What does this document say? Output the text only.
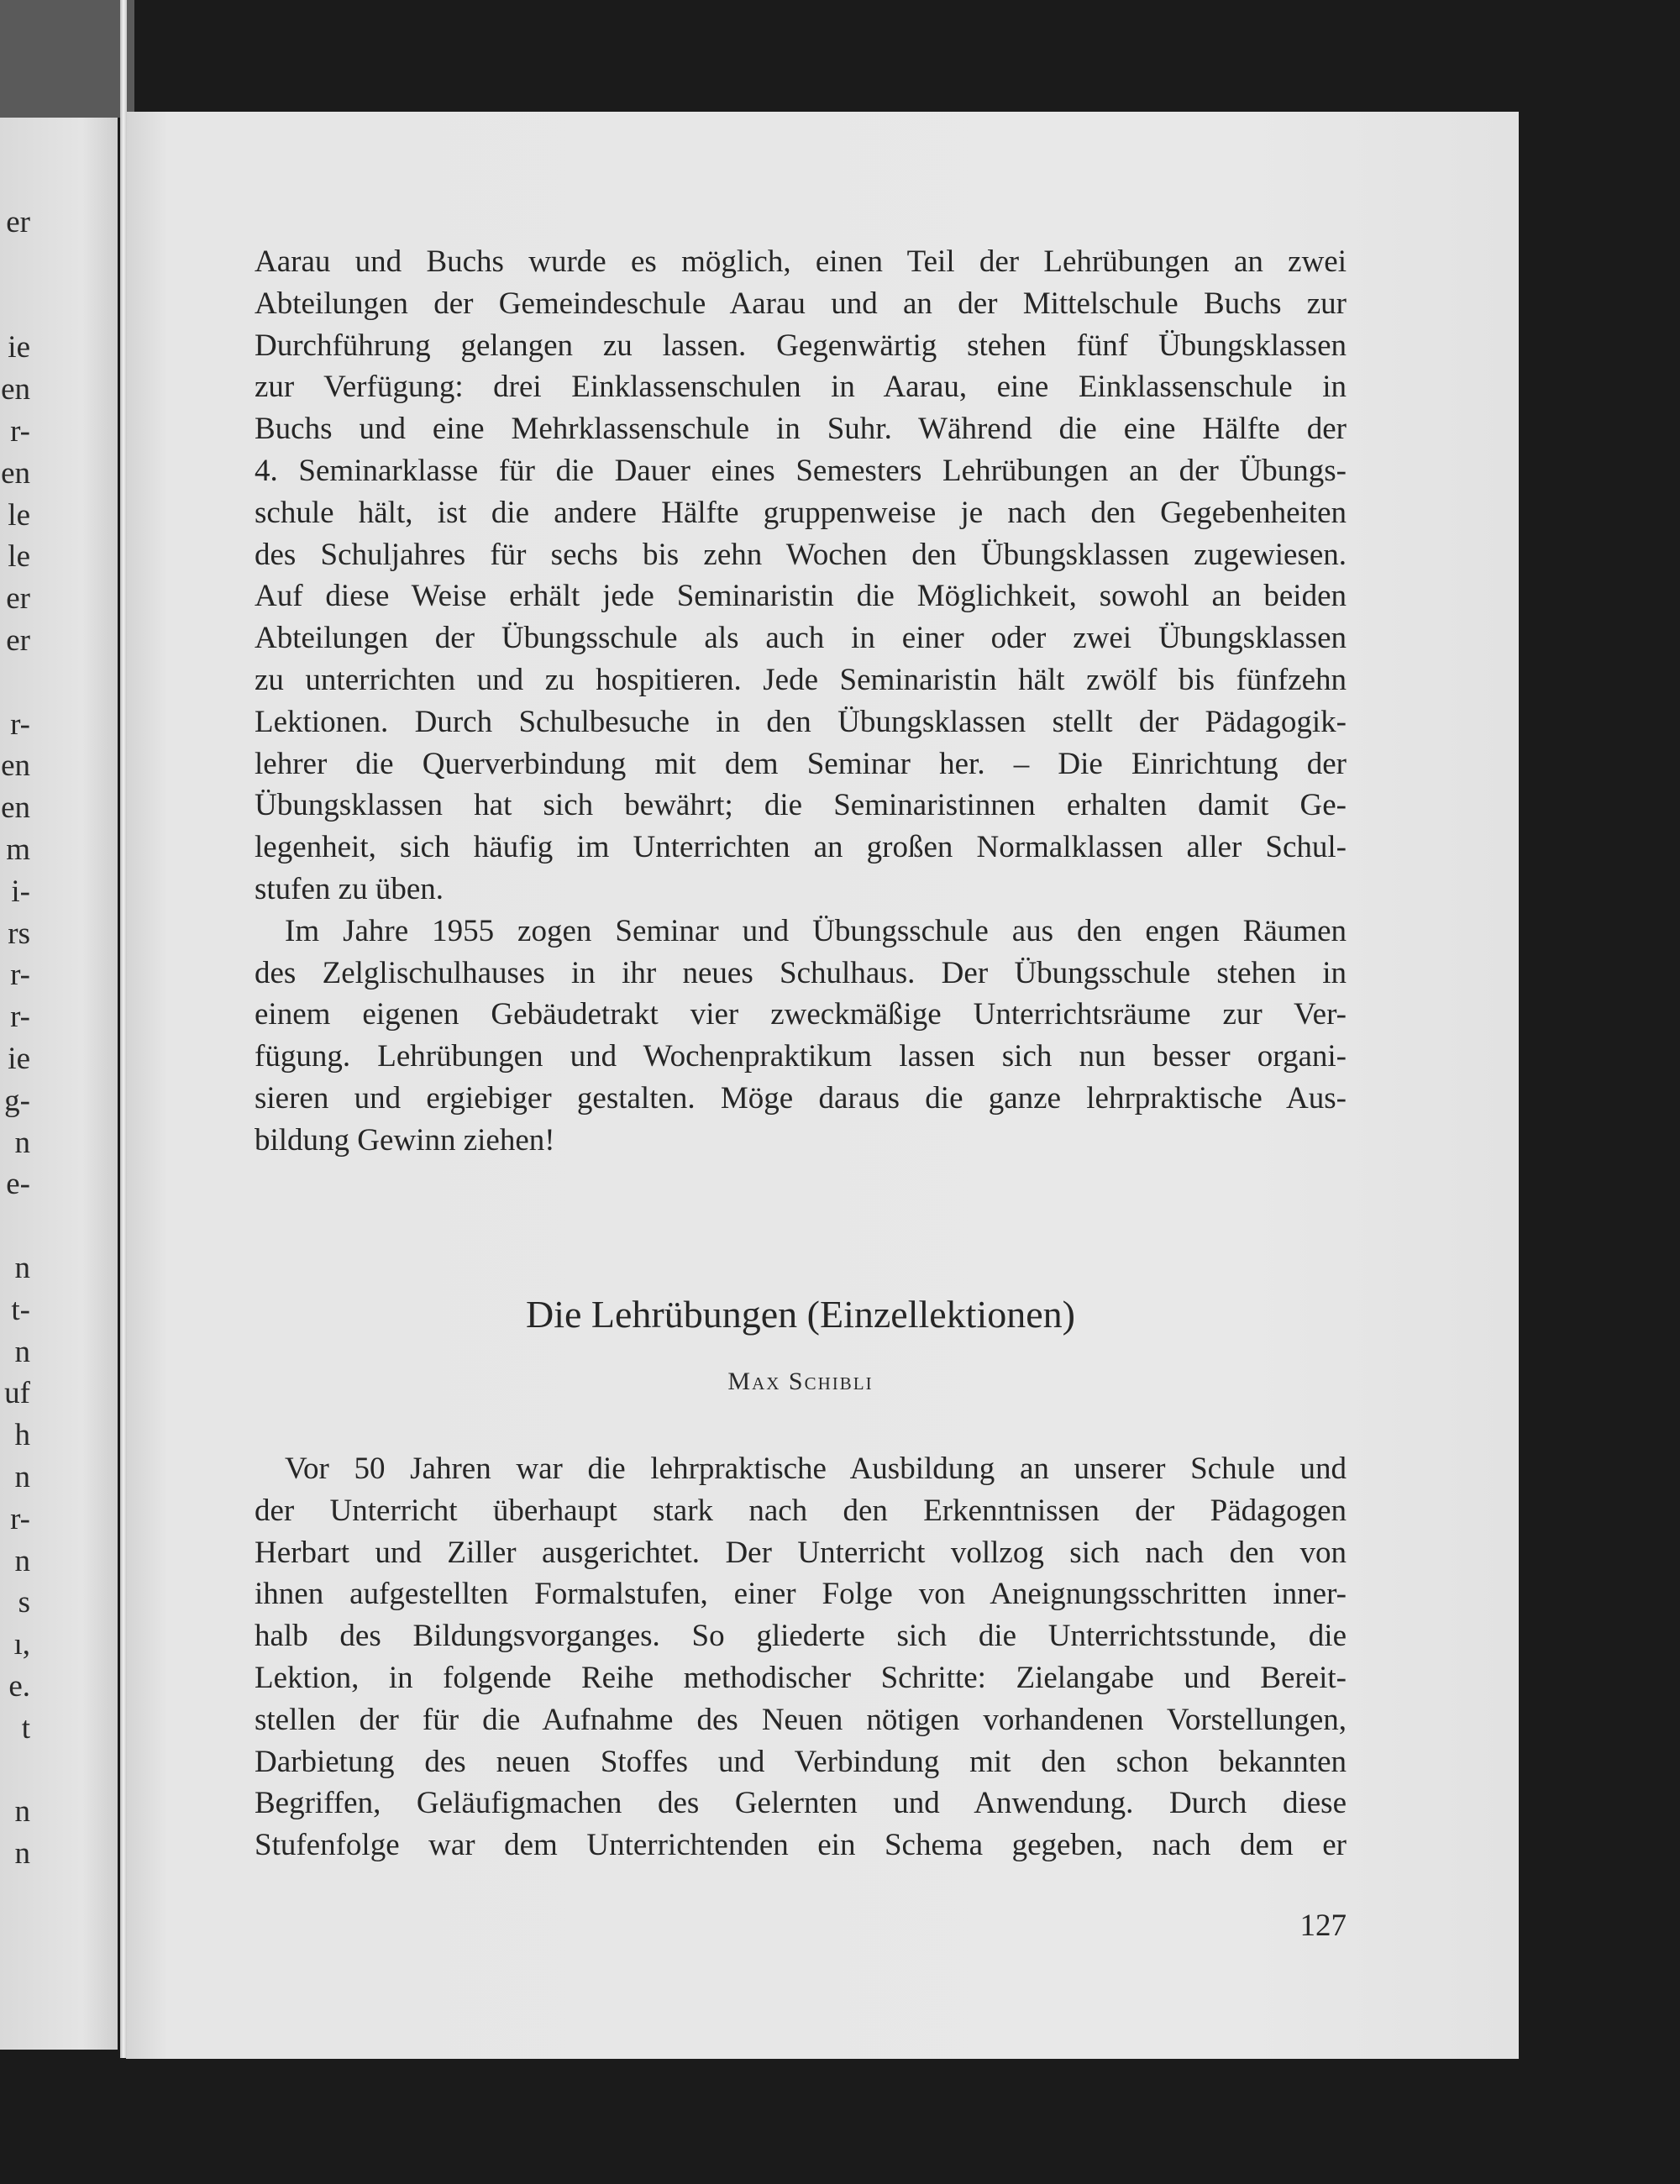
Aarau und Buchs wurde es möglich, einen Teil der Lehrübungen an zwei
Abteilungen der Gemeindeschule Aarau und an der Mittelschule Buchs zur
Durchführung gelangen zu lassen. Gegenwärtig stehen fünf Übungsklassen
zur Verfügung: drei Einklassenschulen in Aarau, eine Einklassenschule in
Buchs und eine Mehrklassenschule in Suhr. Während die eine Hälfte der
4. Seminarklasse für die Dauer eines Semesters Lehrübungen an der Übungs-
schule hält, ist die andere Hälfte gruppenweise je nach den Gegebenheiten
des Schuljahres für sechs bis zehn Wochen den Übungsklassen zugewiesen.
Auf diese Weise erhält jede Seminaristin die Möglichkeit, sowohl an beiden
Abteilungen der Übungsschule als auch in einer oder zwei Übungsklassen
zu unterrichten und zu hospitieren. Jede Seminaristin hält zwölf bis fünfzehn
Lektionen. Durch Schulbesuche in den Übungsklassen stellt der Pädagogik-
lehrer die Querverbindung mit dem Seminar her. – Die Einrichtung der
Übungsklassen hat sich bewährt; die Seminaristinnen erhalten damit Ge-
legenheit, sich häufig im Unterrichten an großen Normalklassen aller Schul-
stufen zu üben.
Im Jahre 1955 zogen Seminar und Übungsschule aus den engen Räumen
des Zelglischulhauses in ihr neues Schulhaus. Der Übungsschule stehen in
einem eigenen Gebäudetrakt vier zweckmäßige Unterrichtsräume zur Ver-
fügung. Lehrübungen und Wochenpraktikum lassen sich nun besser organi-
sieren und ergiebiger gestalten. Möge daraus die ganze lehrpraktische Aus-
bildung Gewinn ziehen!
Die Lehrübungen (Einzellektionen)
Max Schibli
Vor 50 Jahren war die lehrpraktische Ausbildung an unserer Schule und
der Unterricht überhaupt stark nach den Erkenntnissen der Pädagogen
Herbart und Ziller ausgerichtet. Der Unterricht vollzog sich nach den von
ihnen aufgestellten Formalstufen, einer Folge von Aneignungsschritten inner-
halb des Bildungsvorganges. So gliederte sich die Unterrichtsstunde, die
Lektion, in folgende Reihe methodischer Schritte: Zielangabe und Bereit-
stellen der für die Aufnahme des Neuen nötigen vorhandenen Vorstellungen,
Darbietung des neuen Stoffes und Verbindung mit den schon bekannten
Begriffen, Geläufigmachen des Gelernten und Anwendung. Durch diese
Stufenfolge war dem Unterrichtenden ein Schema gegeben, nach dem er
127
er
ie
en
r-
en
le
le
er
er
r-
en
en
m
i-
rs
r-
r-
ie
g-
n
e-
n
t-
n
uf
h
n
r-
n
s
ı,
e.
t
n
n
